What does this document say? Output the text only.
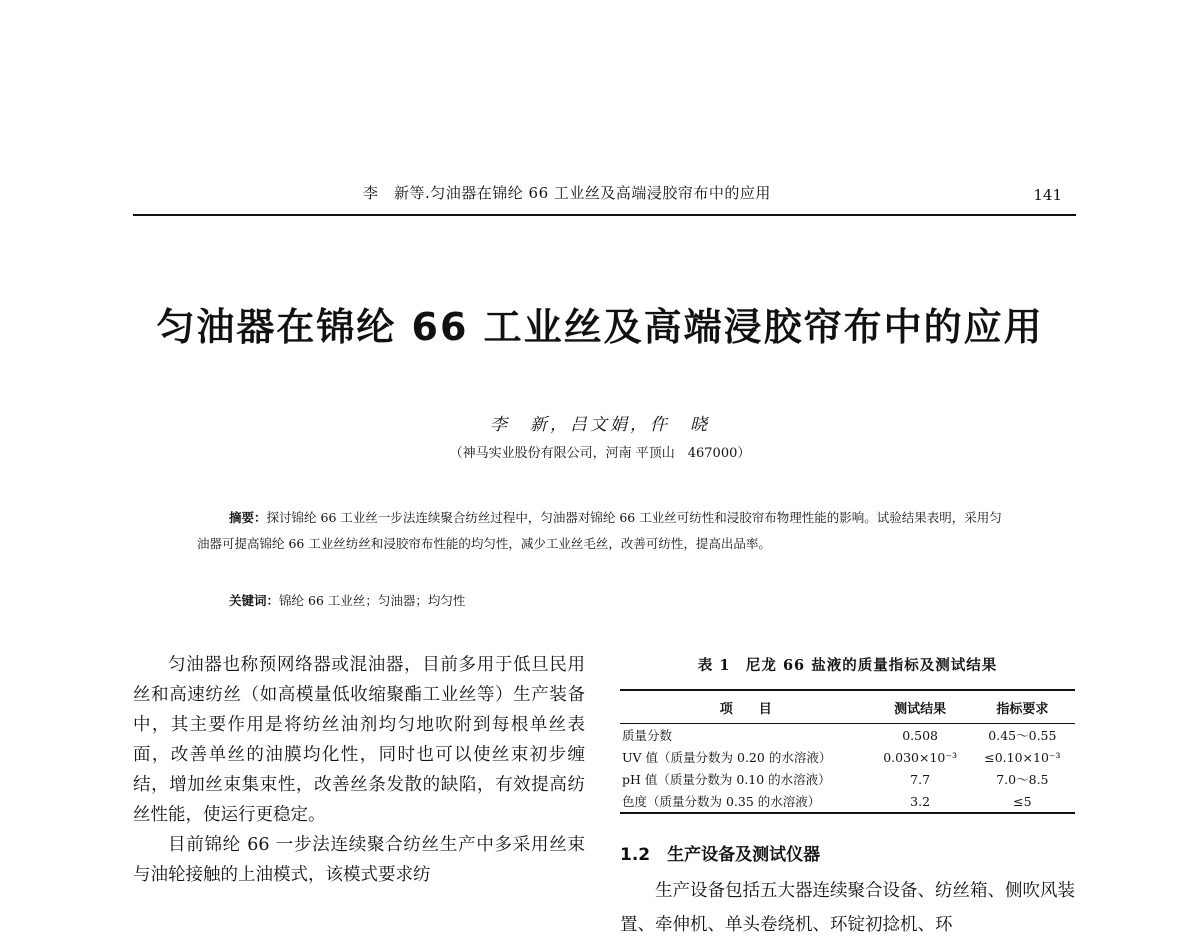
李　新等.匀油器在锦纶 66 工业丝及高端浸胶帘布中的应用	141
匀油器在锦纶 66 工业丝及高端浸胶帘布中的应用
李　新，吕文娟，仵　晓
（神马实业股份有限公司，河南 平顶山　467000）
摘要：探讨锦纶 66 工业丝一步法连续聚合纺丝过程中，匀油器对锦纶 66 工业丝可纺性和浸胶帘布物理性能的影响。试验结果表明，采用匀油器可提高锦纶 66 工业丝纺丝和浸胶帘布性能的均匀性，减少工业丝毛丝，改善可纺性，提高出品率。
关键词：锦纶 66 工业丝；匀油器；均匀性

匀油器也称预网络器或混油器，目前多用于低旦民用丝和高速纺丝（如高模量低收缩聚酯工业丝等）生产装备中，其主要作用是将纺丝油剂均匀地吹附到每根单丝表面，改善单丝的油膜均化性，同时也可以使丝束初步缠结，增加丝束集束性，改善丝条发散的缺陷，有效提高纺丝性能，使运行更稳定。

目前锦纶 66 一步法连续聚合纺丝生产中多采用丝束与油轮接触的上油模式，该模式要求纺

表 1　尼龙 66 盐液的质量指标及测试结果
项　　目	测试结果	指标要求
质量分数	0.508	0.45～0.55
UV 值（质量分数为 0.20 的水溶液）	0.030×10⁻³	≤0.10×10⁻³
pH 值（质量分数为 0.10 的水溶液）	7.7	7.0～8.5
色度（质量分数为 0.35 的水溶液）	3.2	≤5
1.2　生产设备及测试仪器
生产设备包括五大器连续聚合设备、纺丝箱、侧吹风装置、牵伸机、单头卷绕机、环锭初捻机、环
